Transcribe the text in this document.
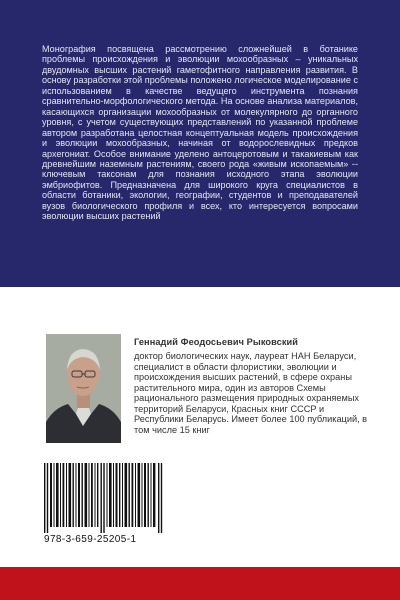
Монография посвящена рассмотрению сложнейшей в ботанике проблемы происхождения и эволюции мохообразных – уникальных двудомных высших растений гаметофитного направления развития. В основу разработки этой проблемы положено логическое моделирование с использованием в качестве ведущего инструмента познания сравнительно-морфологического метода. На основе анализа материалов, касающихся организации мохообразных от молекулярного до органного уровня, с учетом существующих представлений по указанной проблеме автором разработана целостная концептуальная модель происхождения и эволюции мохообразных, начиная от водорослевидных предков архегониат. Особое внимание уделено антоцеротовым и такакиевым как древнейшим наземным растениям, своего рода «живым ископаемым» -- ключевым таксонам для познания исходного этапа эволюции эмбриофитов. Предназначена для широкого круга специалистов в области ботаники, экологии, географии, студентов и преподавателей вузов биологического профиля и всех, кто интересуется вопросами эволюции высших растений

Геннадий Феодосьевич Рыковский

доктор биологических наук, лауреат НАН Беларуси, специалист в области флористики, эволюции и происхождения высших растений, в сфере охраны растительного мира, один из авторов Схемы рационального размещения природных охраняемых территорий Беларуси, Красных книг СССР и Республики Беларусь. Имеет более 100 публикаций, в том числе 15 книг

978-3-659-25205-1
